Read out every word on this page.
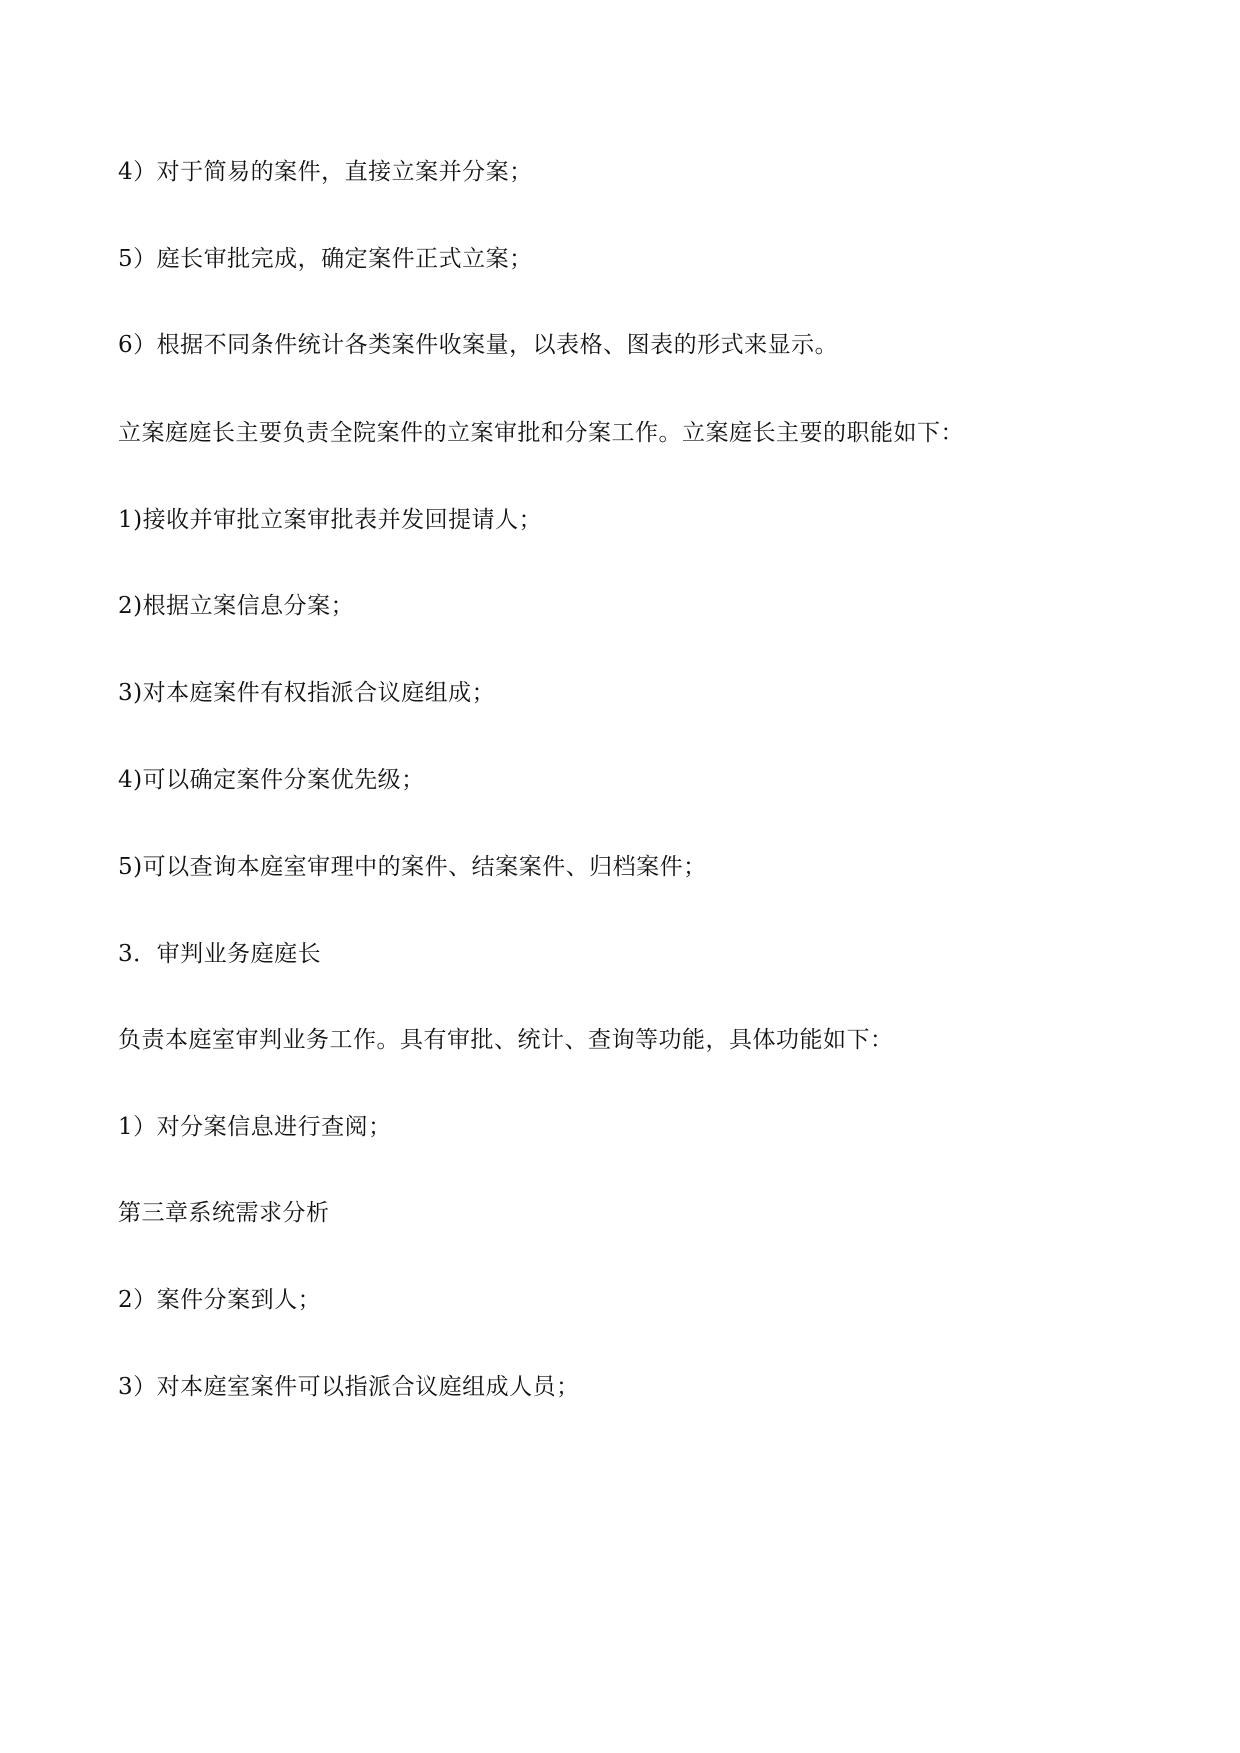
4）对于简易的案件，直接立案并分案；
5）庭长审批完成，确定案件正式立案；
6）根据不同条件统计各类案件收案量，以表格、图表的形式来显示。
立案庭庭长主要负责全院案件的立案审批和分案工作。立案庭长主要的职能如下：
1)接收并审批立案审批表并发回提请人；
2)根据立案信息分案；
3)对本庭案件有权指派合议庭组成；
4)可以确定案件分案优先级；
5)可以查询本庭室审理中的案件、结案案件、归档案件；
3．审判业务庭庭长
负责本庭室审判业务工作。具有审批、统计、查询等功能，具体功能如下：
1）对分案信息进行查阅；
第三章系统需求分析
2）案件分案到人；
3）对本庭室案件可以指派合议庭组成人员；
